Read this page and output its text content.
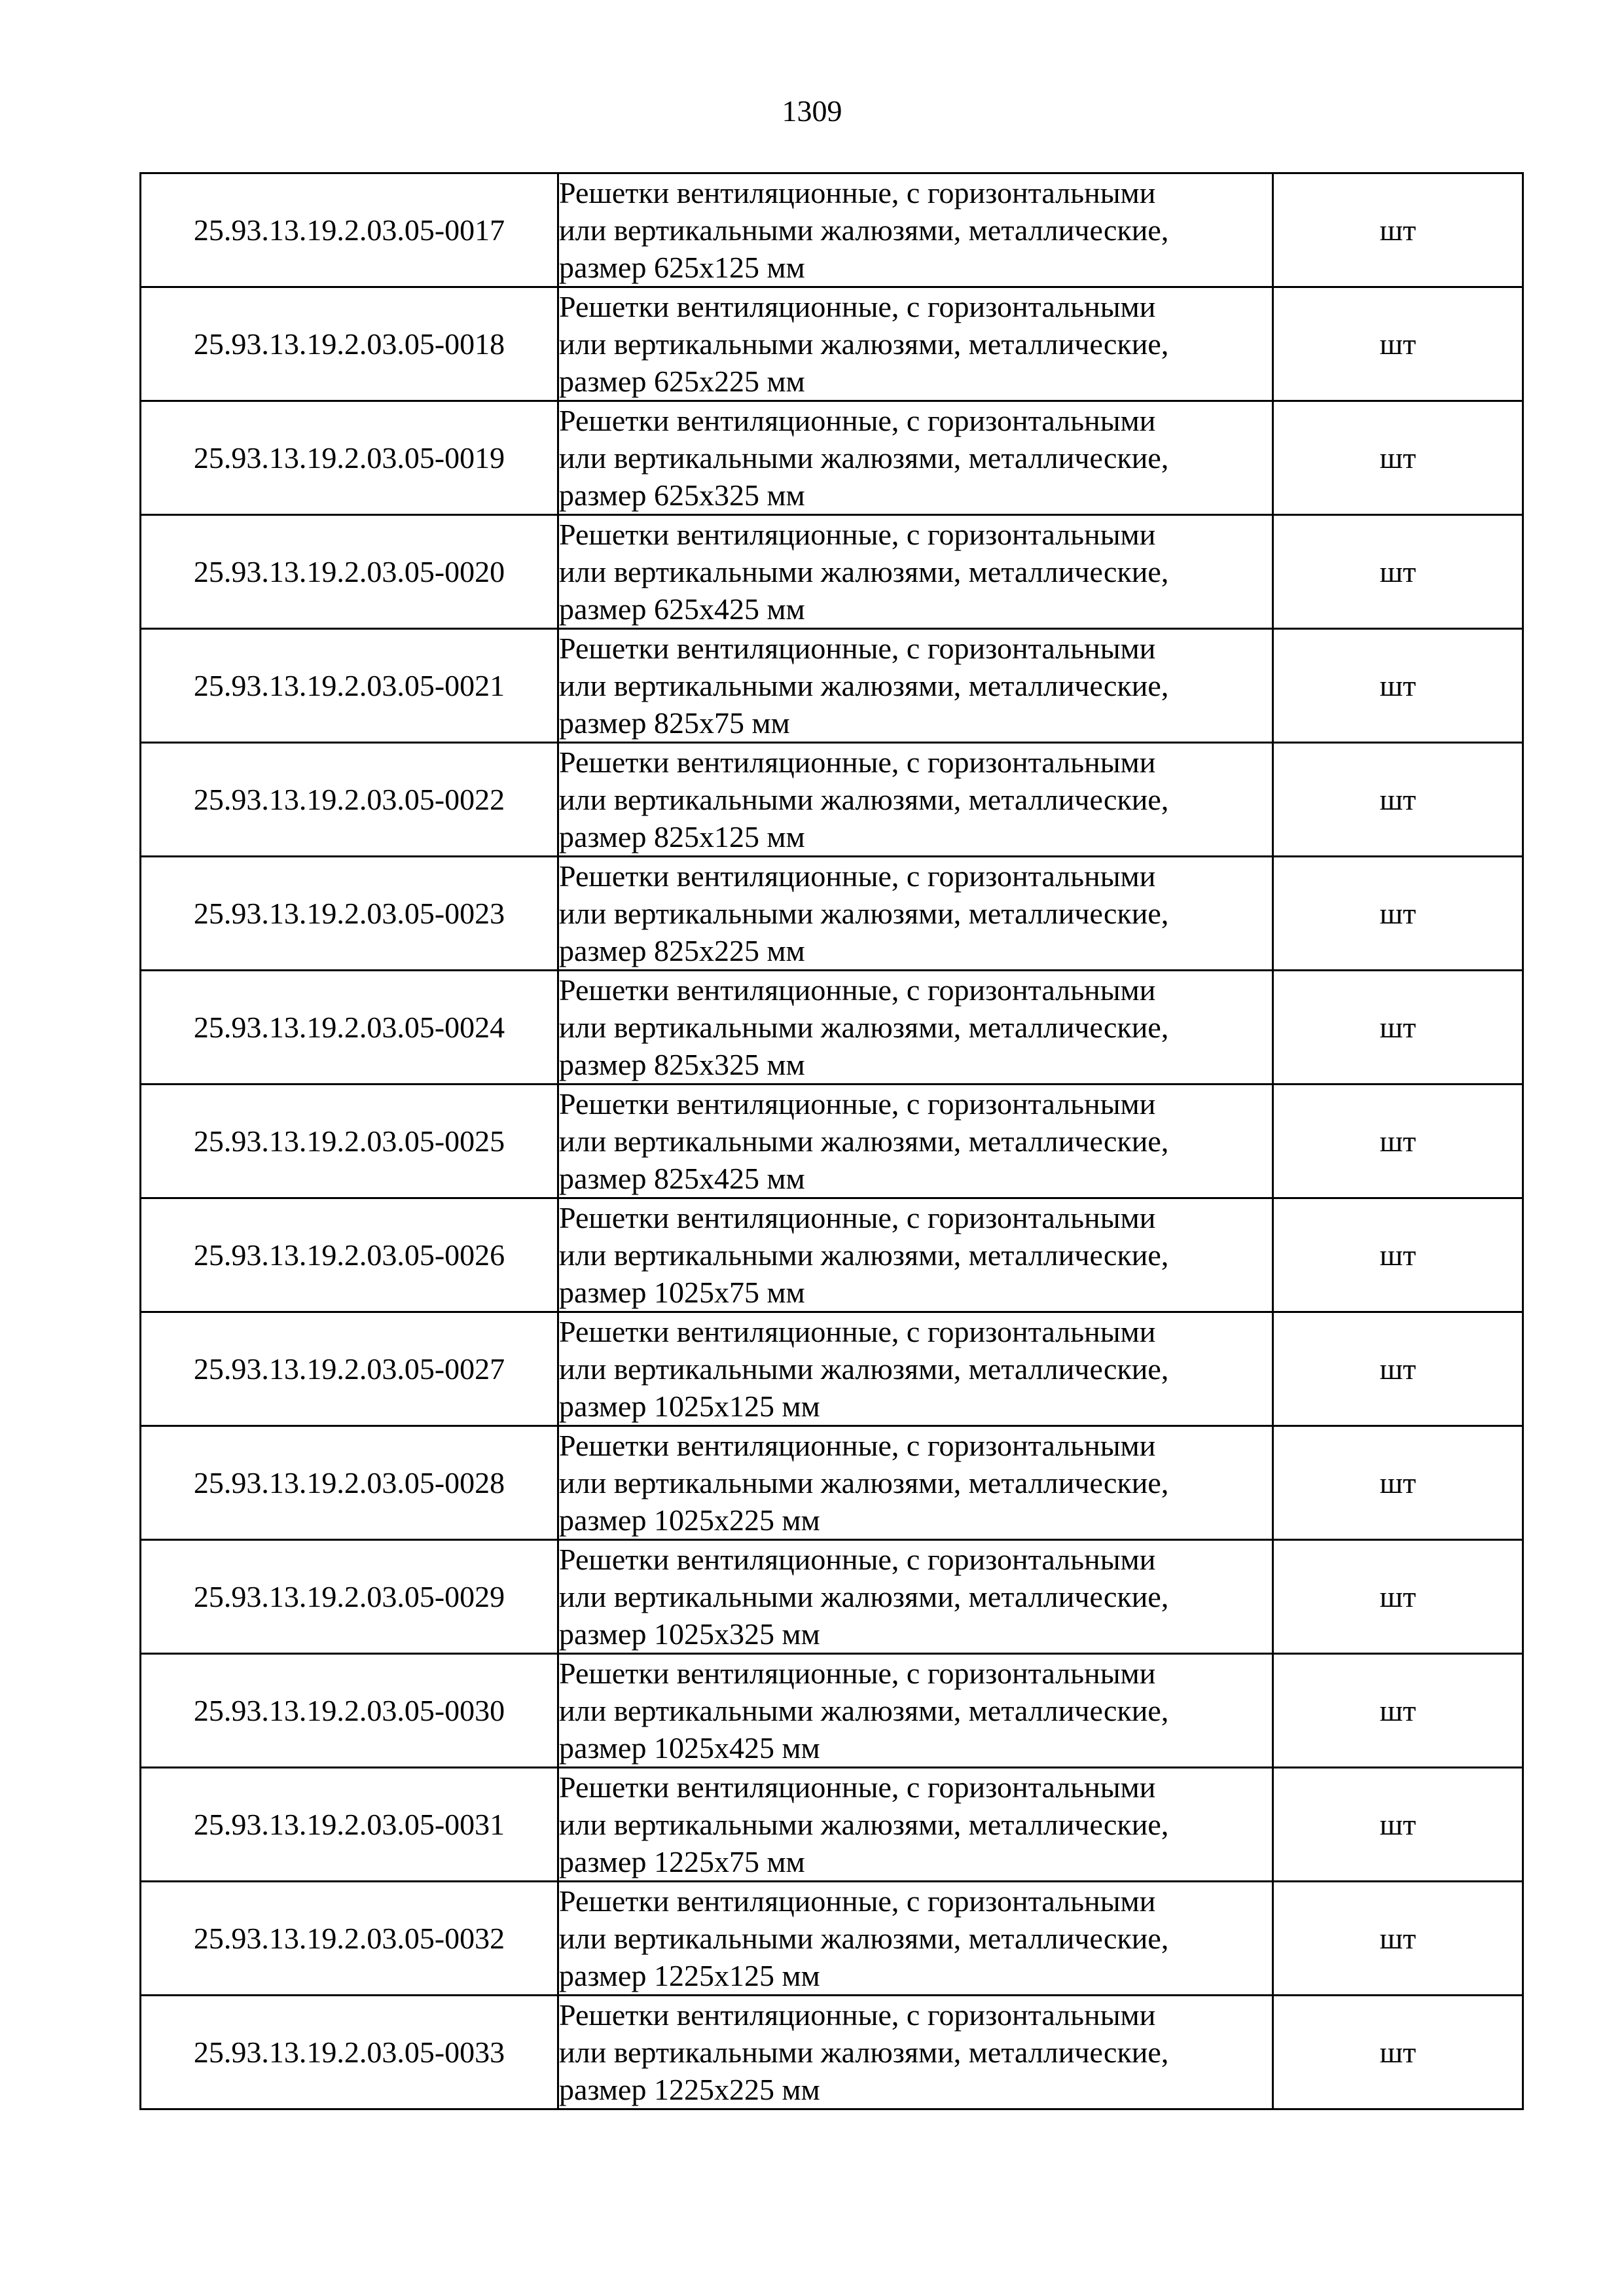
1309
25.93.13.19.2.03.05-0017	Решетки вентиляционные, с горизонтальными
или вертикальными жалюзями, металлические,
размер 625х125 мм	шт
25.93.13.19.2.03.05-0018	Решетки вентиляционные, с горизонтальными
или вертикальными жалюзями, металлические,
размер 625х225 мм	шт
25.93.13.19.2.03.05-0019	Решетки вентиляционные, с горизонтальными
или вертикальными жалюзями, металлические,
размер 625х325 мм	шт
25.93.13.19.2.03.05-0020	Решетки вентиляционные, с горизонтальными
или вертикальными жалюзями, металлические,
размер 625х425 мм	шт
25.93.13.19.2.03.05-0021	Решетки вентиляционные, с горизонтальными
или вертикальными жалюзями, металлические,
размер 825х75 мм	шт
25.93.13.19.2.03.05-0022	Решетки вентиляционные, с горизонтальными
или вертикальными жалюзями, металлические,
размер 825х125 мм	шт
25.93.13.19.2.03.05-0023	Решетки вентиляционные, с горизонтальными
или вертикальными жалюзями, металлические,
размер 825х225 мм	шт
25.93.13.19.2.03.05-0024	Решетки вентиляционные, с горизонтальными
или вертикальными жалюзями, металлические,
размер 825х325 мм	шт
25.93.13.19.2.03.05-0025	Решетки вентиляционные, с горизонтальными
или вертикальными жалюзями, металлические,
размер 825х425 мм	шт
25.93.13.19.2.03.05-0026	Решетки вентиляционные, с горизонтальными
или вертикальными жалюзями, металлические,
размер 1025х75 мм	шт
25.93.13.19.2.03.05-0027	Решетки вентиляционные, с горизонтальными
или вертикальными жалюзями, металлические,
размер 1025х125 мм	шт
25.93.13.19.2.03.05-0028	Решетки вентиляционные, с горизонтальными
или вертикальными жалюзями, металлические,
размер 1025х225 мм	шт
25.93.13.19.2.03.05-0029	Решетки вентиляционные, с горизонтальными
или вертикальными жалюзями, металлические,
размер 1025х325 мм	шт
25.93.13.19.2.03.05-0030	Решетки вентиляционные, с горизонтальными
или вертикальными жалюзями, металлические,
размер 1025х425 мм	шт
25.93.13.19.2.03.05-0031	Решетки вентиляционные, с горизонтальными
или вертикальными жалюзями, металлические,
размер 1225х75 мм	шт
25.93.13.19.2.03.05-0032	Решетки вентиляционные, с горизонтальными
или вертикальными жалюзями, металлические,
размер 1225х125 мм	шт
25.93.13.19.2.03.05-0033	Решетки вентиляционные, с горизонтальными
или вертикальными жалюзями, металлические,
размер 1225х225 мм	шт
